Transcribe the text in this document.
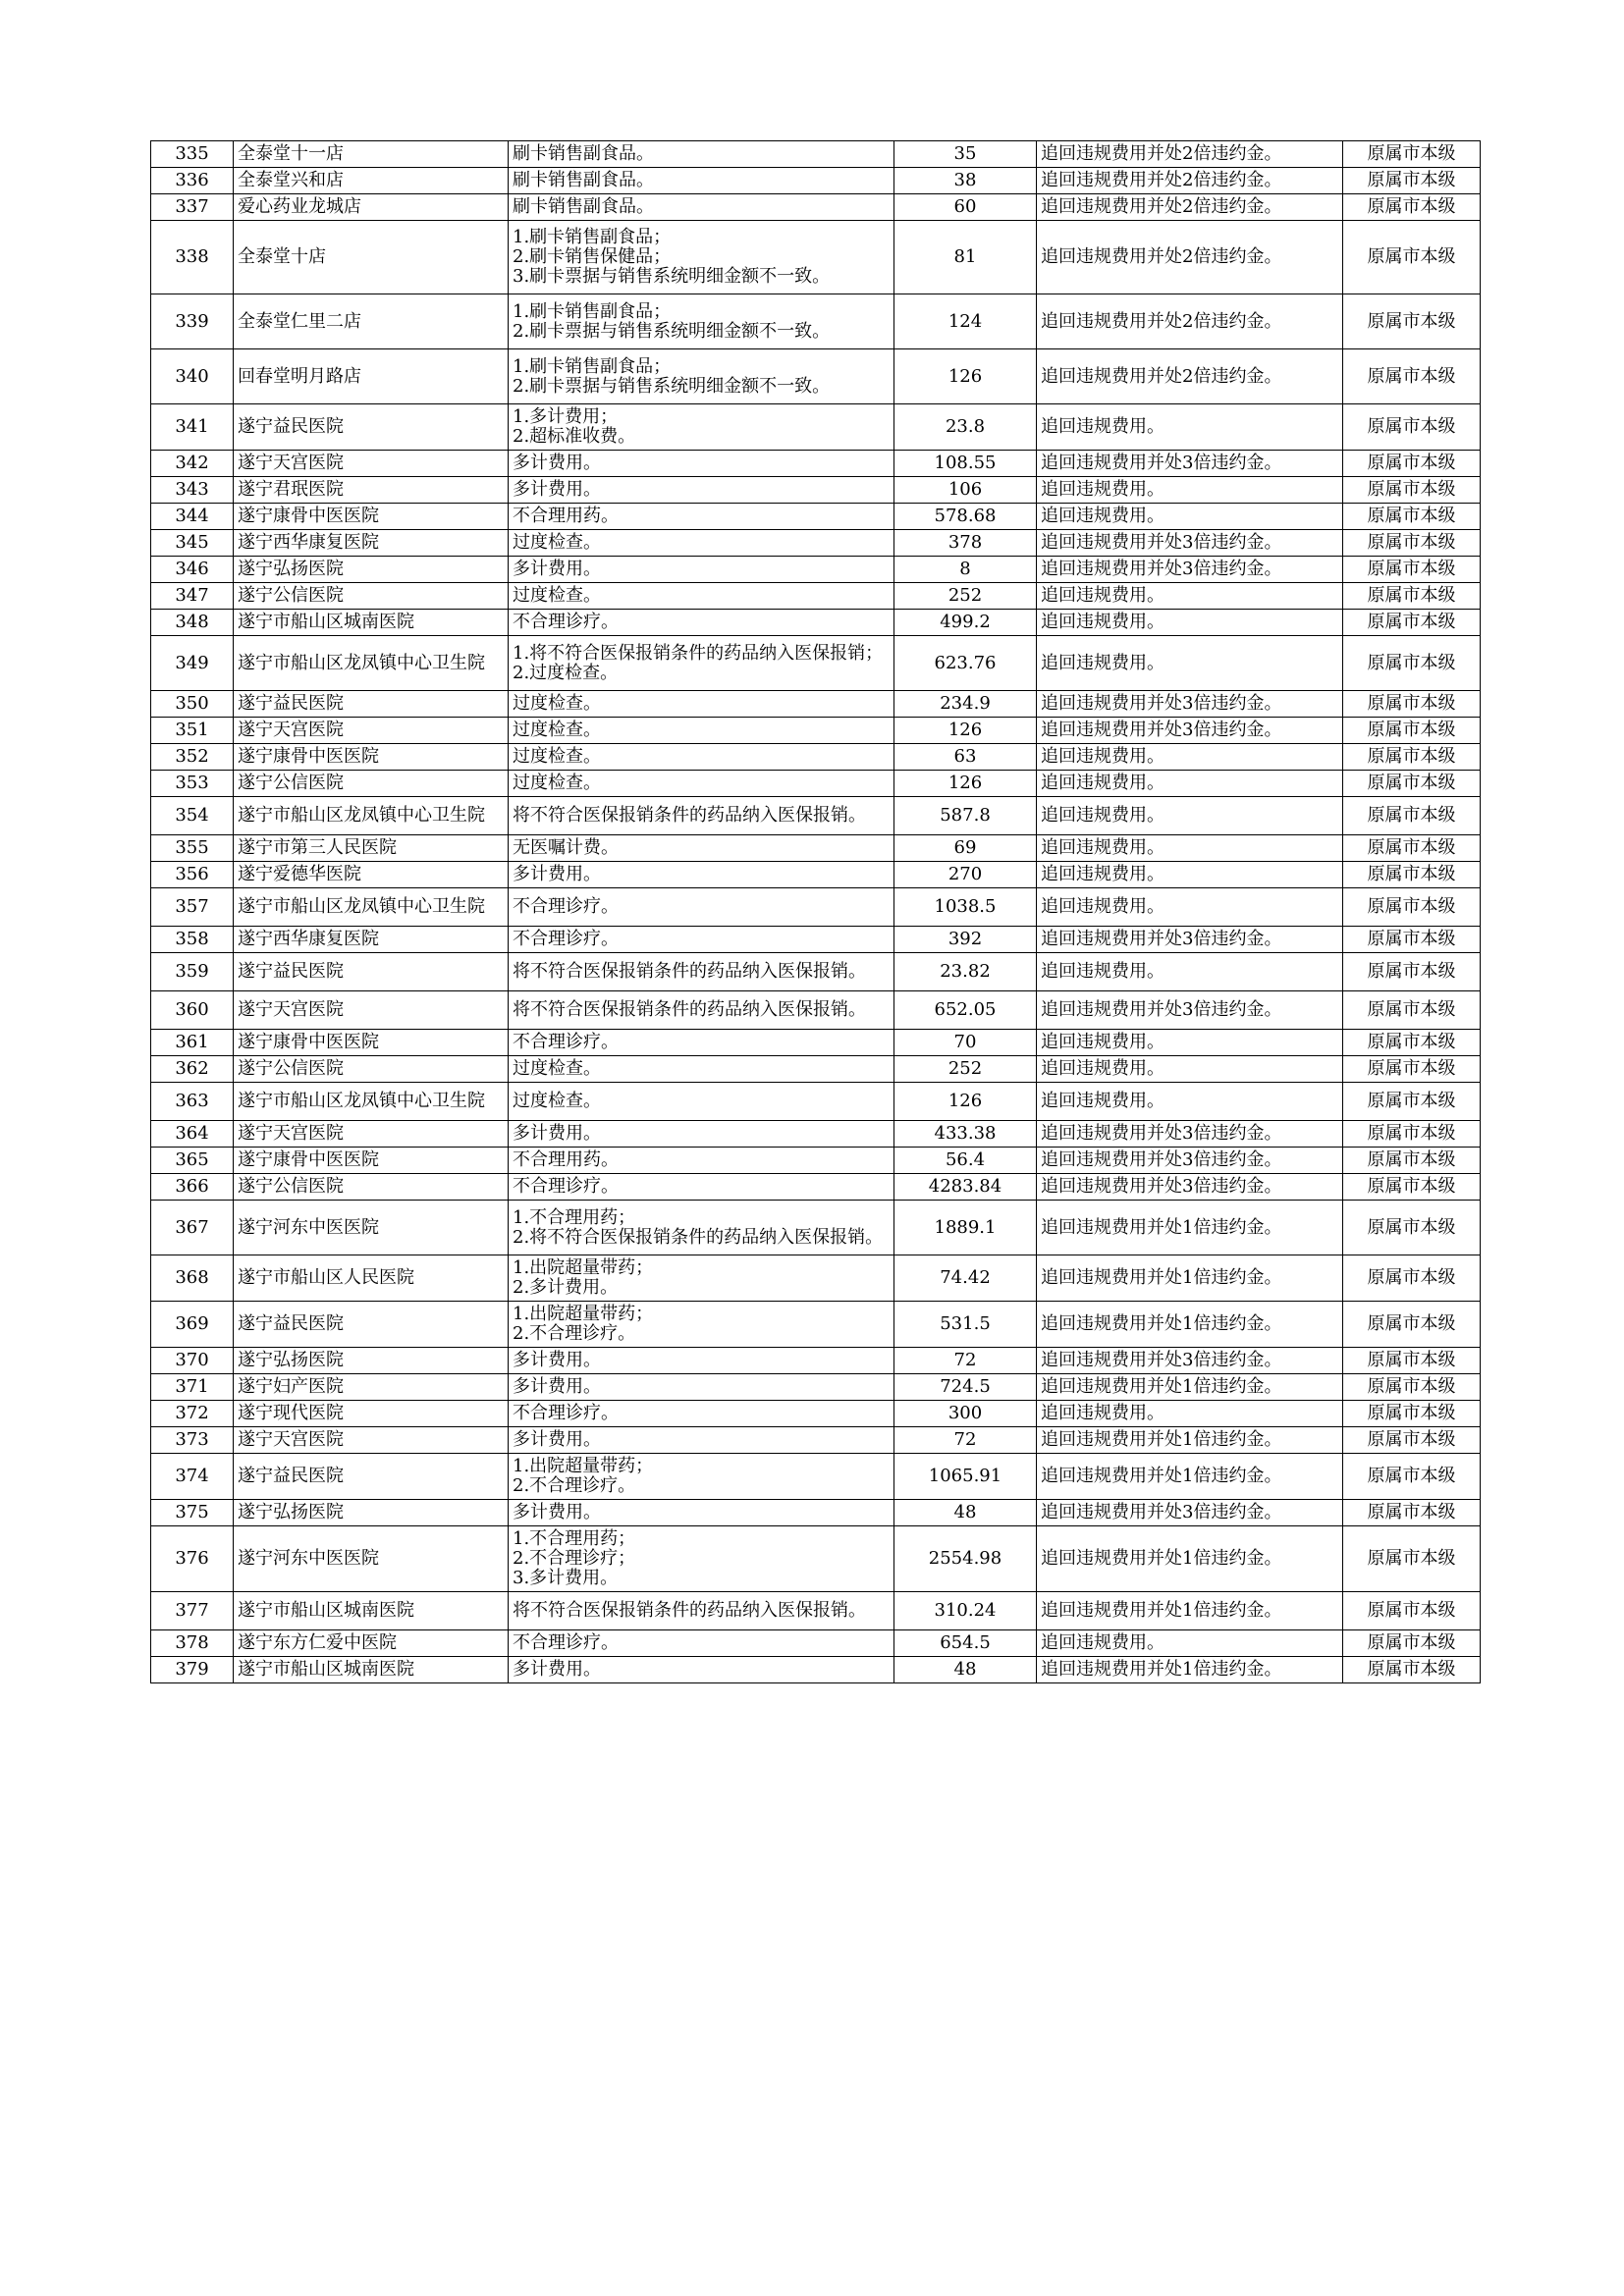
335	全泰堂十一店	刷卡销售副食品。	35	追回违规费用并处2倍违约金。	原属市本级
336	全泰堂兴和店	刷卡销售副食品。	38	追回违规费用并处2倍违约金。	原属市本级
337	爱心药业龙城店	刷卡销售副食品。	60	追回违规费用并处2倍违约金。	原属市本级
338	全泰堂十店	1.刷卡销售副食品；
2.刷卡销售保健品；
3.刷卡票据与销售系统明细金额不一致。	81	追回违规费用并处2倍违约金。	原属市本级
339	全泰堂仁里二店	1.刷卡销售副食品；
2.刷卡票据与销售系统明细金额不一致。	124	追回违规费用并处2倍违约金。	原属市本级
340	回春堂明月路店	1.刷卡销售副食品；
2.刷卡票据与销售系统明细金额不一致。	126	追回违规费用并处2倍违约金。	原属市本级
341	遂宁益民医院	1.多计费用；
2.超标准收费。	23.8	追回违规费用。	原属市本级
342	遂宁天宫医院	多计费用。	108.55	追回违规费用并处3倍违约金。	原属市本级
343	遂宁君珉医院	多计费用。	106	追回违规费用。	原属市本级
344	遂宁康骨中医医院	不合理用药。	578.68	追回违规费用。	原属市本级
345	遂宁西华康复医院	过度检查。	378	追回违规费用并处3倍违约金。	原属市本级
346	遂宁弘扬医院	多计费用。	8	追回违规费用并处3倍违约金。	原属市本级
347	遂宁公信医院	过度检查。	252	追回违规费用。	原属市本级
348	遂宁市船山区城南医院	不合理诊疗。	499.2	追回违规费用。	原属市本级
349	遂宁市船山区龙凤镇中心卫生院	1.将不符合医保报销条件的药品纳入医保报销；
2.过度检查。	623.76	追回违规费用。	原属市本级
350	遂宁益民医院	过度检查。	234.9	追回违规费用并处3倍违约金。	原属市本级
351	遂宁天宫医院	过度检查。	126	追回违规费用并处3倍违约金。	原属市本级
352	遂宁康骨中医医院	过度检查。	63	追回违规费用。	原属市本级
353	遂宁公信医院	过度检查。	126	追回违规费用。	原属市本级
354	遂宁市船山区龙凤镇中心卫生院	将不符合医保报销条件的药品纳入医保报销。	587.8	追回违规费用。	原属市本级
355	遂宁市第三人民医院	无医嘱计费。	69	追回违规费用。	原属市本级
356	遂宁爱德华医院	多计费用。	270	追回违规费用。	原属市本级
357	遂宁市船山区龙凤镇中心卫生院	不合理诊疗。	1038.5	追回违规费用。	原属市本级
358	遂宁西华康复医院	不合理诊疗。	392	追回违规费用并处3倍违约金。	原属市本级
359	遂宁益民医院	将不符合医保报销条件的药品纳入医保报销。	23.82	追回违规费用。	原属市本级
360	遂宁天宫医院	将不符合医保报销条件的药品纳入医保报销。	652.05	追回违规费用并处3倍违约金。	原属市本级
361	遂宁康骨中医医院	不合理诊疗。	70	追回违规费用。	原属市本级
362	遂宁公信医院	过度检查。	252	追回违规费用。	原属市本级
363	遂宁市船山区龙凤镇中心卫生院	过度检查。	126	追回违规费用。	原属市本级
364	遂宁天宫医院	多计费用。	433.38	追回违规费用并处3倍违约金。	原属市本级
365	遂宁康骨中医医院	不合理用药。	56.4	追回违规费用并处3倍违约金。	原属市本级
366	遂宁公信医院	不合理诊疗。	4283.84	追回违规费用并处3倍违约金。	原属市本级
367	遂宁河东中医医院	1.不合理用药；
2.将不符合医保报销条件的药品纳入医保报销。	1889.1	追回违规费用并处1倍违约金。	原属市本级
368	遂宁市船山区人民医院	1.出院超量带药；
2.多计费用。	74.42	追回违规费用并处1倍违约金。	原属市本级
369	遂宁益民医院	1.出院超量带药；
2.不合理诊疗。	531.5	追回违规费用并处1倍违约金。	原属市本级
370	遂宁弘扬医院	多计费用。	72	追回违规费用并处3倍违约金。	原属市本级
371	遂宁妇产医院	多计费用。	724.5	追回违规费用并处1倍违约金。	原属市本级
372	遂宁现代医院	不合理诊疗。	300	追回违规费用。	原属市本级
373	遂宁天宫医院	多计费用。	72	追回违规费用并处1倍违约金。	原属市本级
374	遂宁益民医院	1.出院超量带药；
2.不合理诊疗。	1065.91	追回违规费用并处1倍违约金。	原属市本级
375	遂宁弘扬医院	多计费用。	48	追回违规费用并处3倍违约金。	原属市本级
376	遂宁河东中医医院	1.不合理用药；
2.不合理诊疗；
3.多计费用。	2554.98	追回违规费用并处1倍违约金。	原属市本级
377	遂宁市船山区城南医院	将不符合医保报销条件的药品纳入医保报销。	310.24	追回违规费用并处1倍违约金。	原属市本级
378	遂宁东方仁爱中医院	不合理诊疗。	654.5	追回违规费用。	原属市本级
379	遂宁市船山区城南医院	多计费用。	48	追回违规费用并处1倍违约金。	原属市本级
